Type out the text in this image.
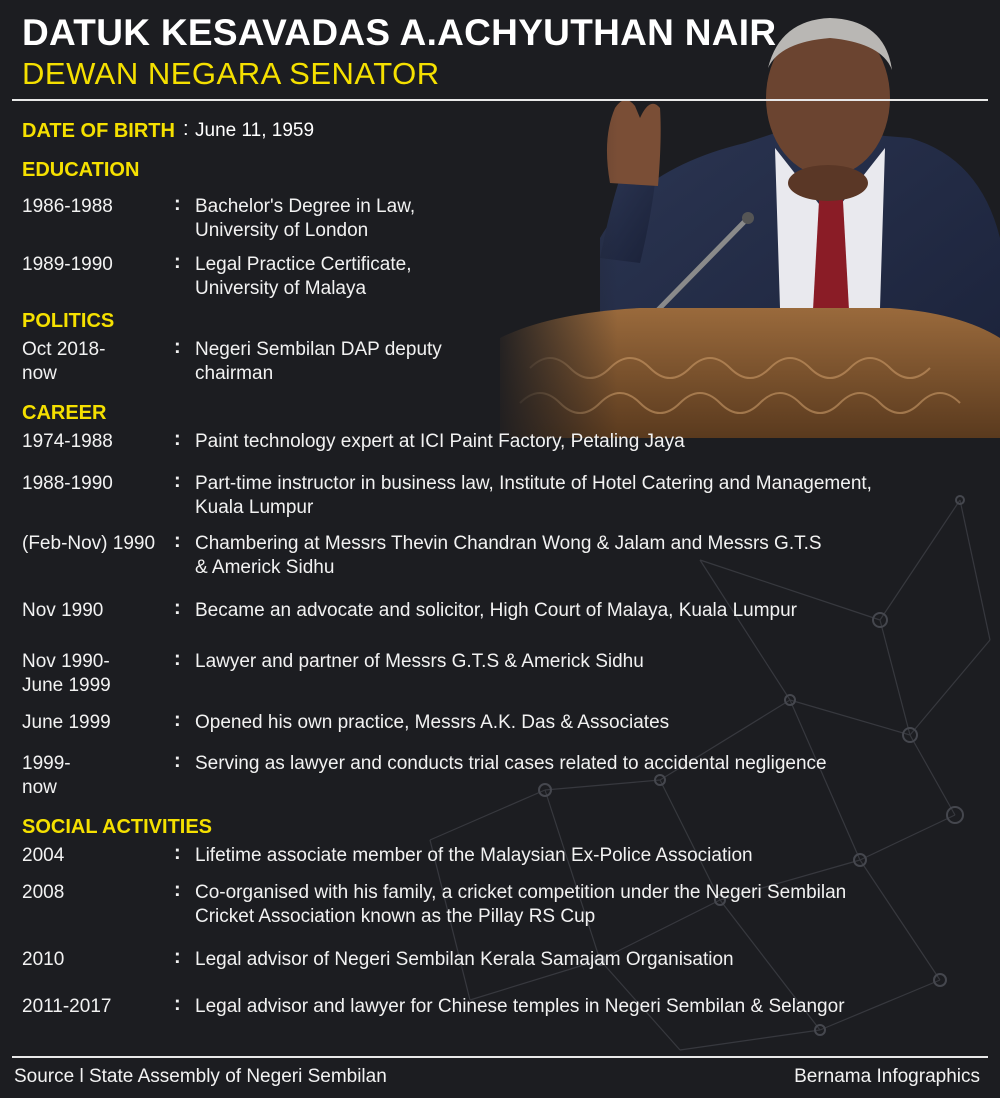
DATUK KESAVADAS A.ACHYUTHAN NAIR
DEWAN NEGARA SENATOR
DATE OF BIRTH : June 11, 1959
EDUCATION
1986-1988	: Bachelor's Degree in Law, University of London
1989-1990	: Legal Practice Certificate, University of Malaya
POLITICS
Oct 2018- now
: Negeri Sembilan DAP deputy chairman
CAREER
1974-1988	: Paint technology expert at ICI Paint Factory, Petaling Jaya
1988-1990	: Part-time instructor in business law, Institute of Hotel Catering and Management, Kuala Lumpur
(Feb-Nov) 1990 : Chambering at Messrs Thevin Chandran Wong & Jalam and Messrs G.T.S & Americk Sidhu
Nov 1990	: Became an advocate and solicitor, High Court of Malaya, Kuala Lumpur
Nov 1990- June 1999
: Lawyer and partner of Messrs G.T.S & Americk Sidhu
June 1999	: Opened his own practice, Messrs A.K. Das & Associates
1999- now
: Serving as lawyer and conducts trial cases related to accidental negligence
SOCIAL ACTIVITIES
2004	: Lifetime associate member of the Malaysian Ex-Police Association
2008	: Co-organised with his family, a cricket competition under the Negeri Sembilan Cricket Association known as the Pillay RS Cup
2010	: Legal advisor of Negeri Sembilan Kerala Samajam Organisation
2011-2017	: Legal advisor and lawyer for Chinese temples in Negeri Sembilan & Selangor
Source l State Assembly of Negeri Sembilan	Bernama Infographics
